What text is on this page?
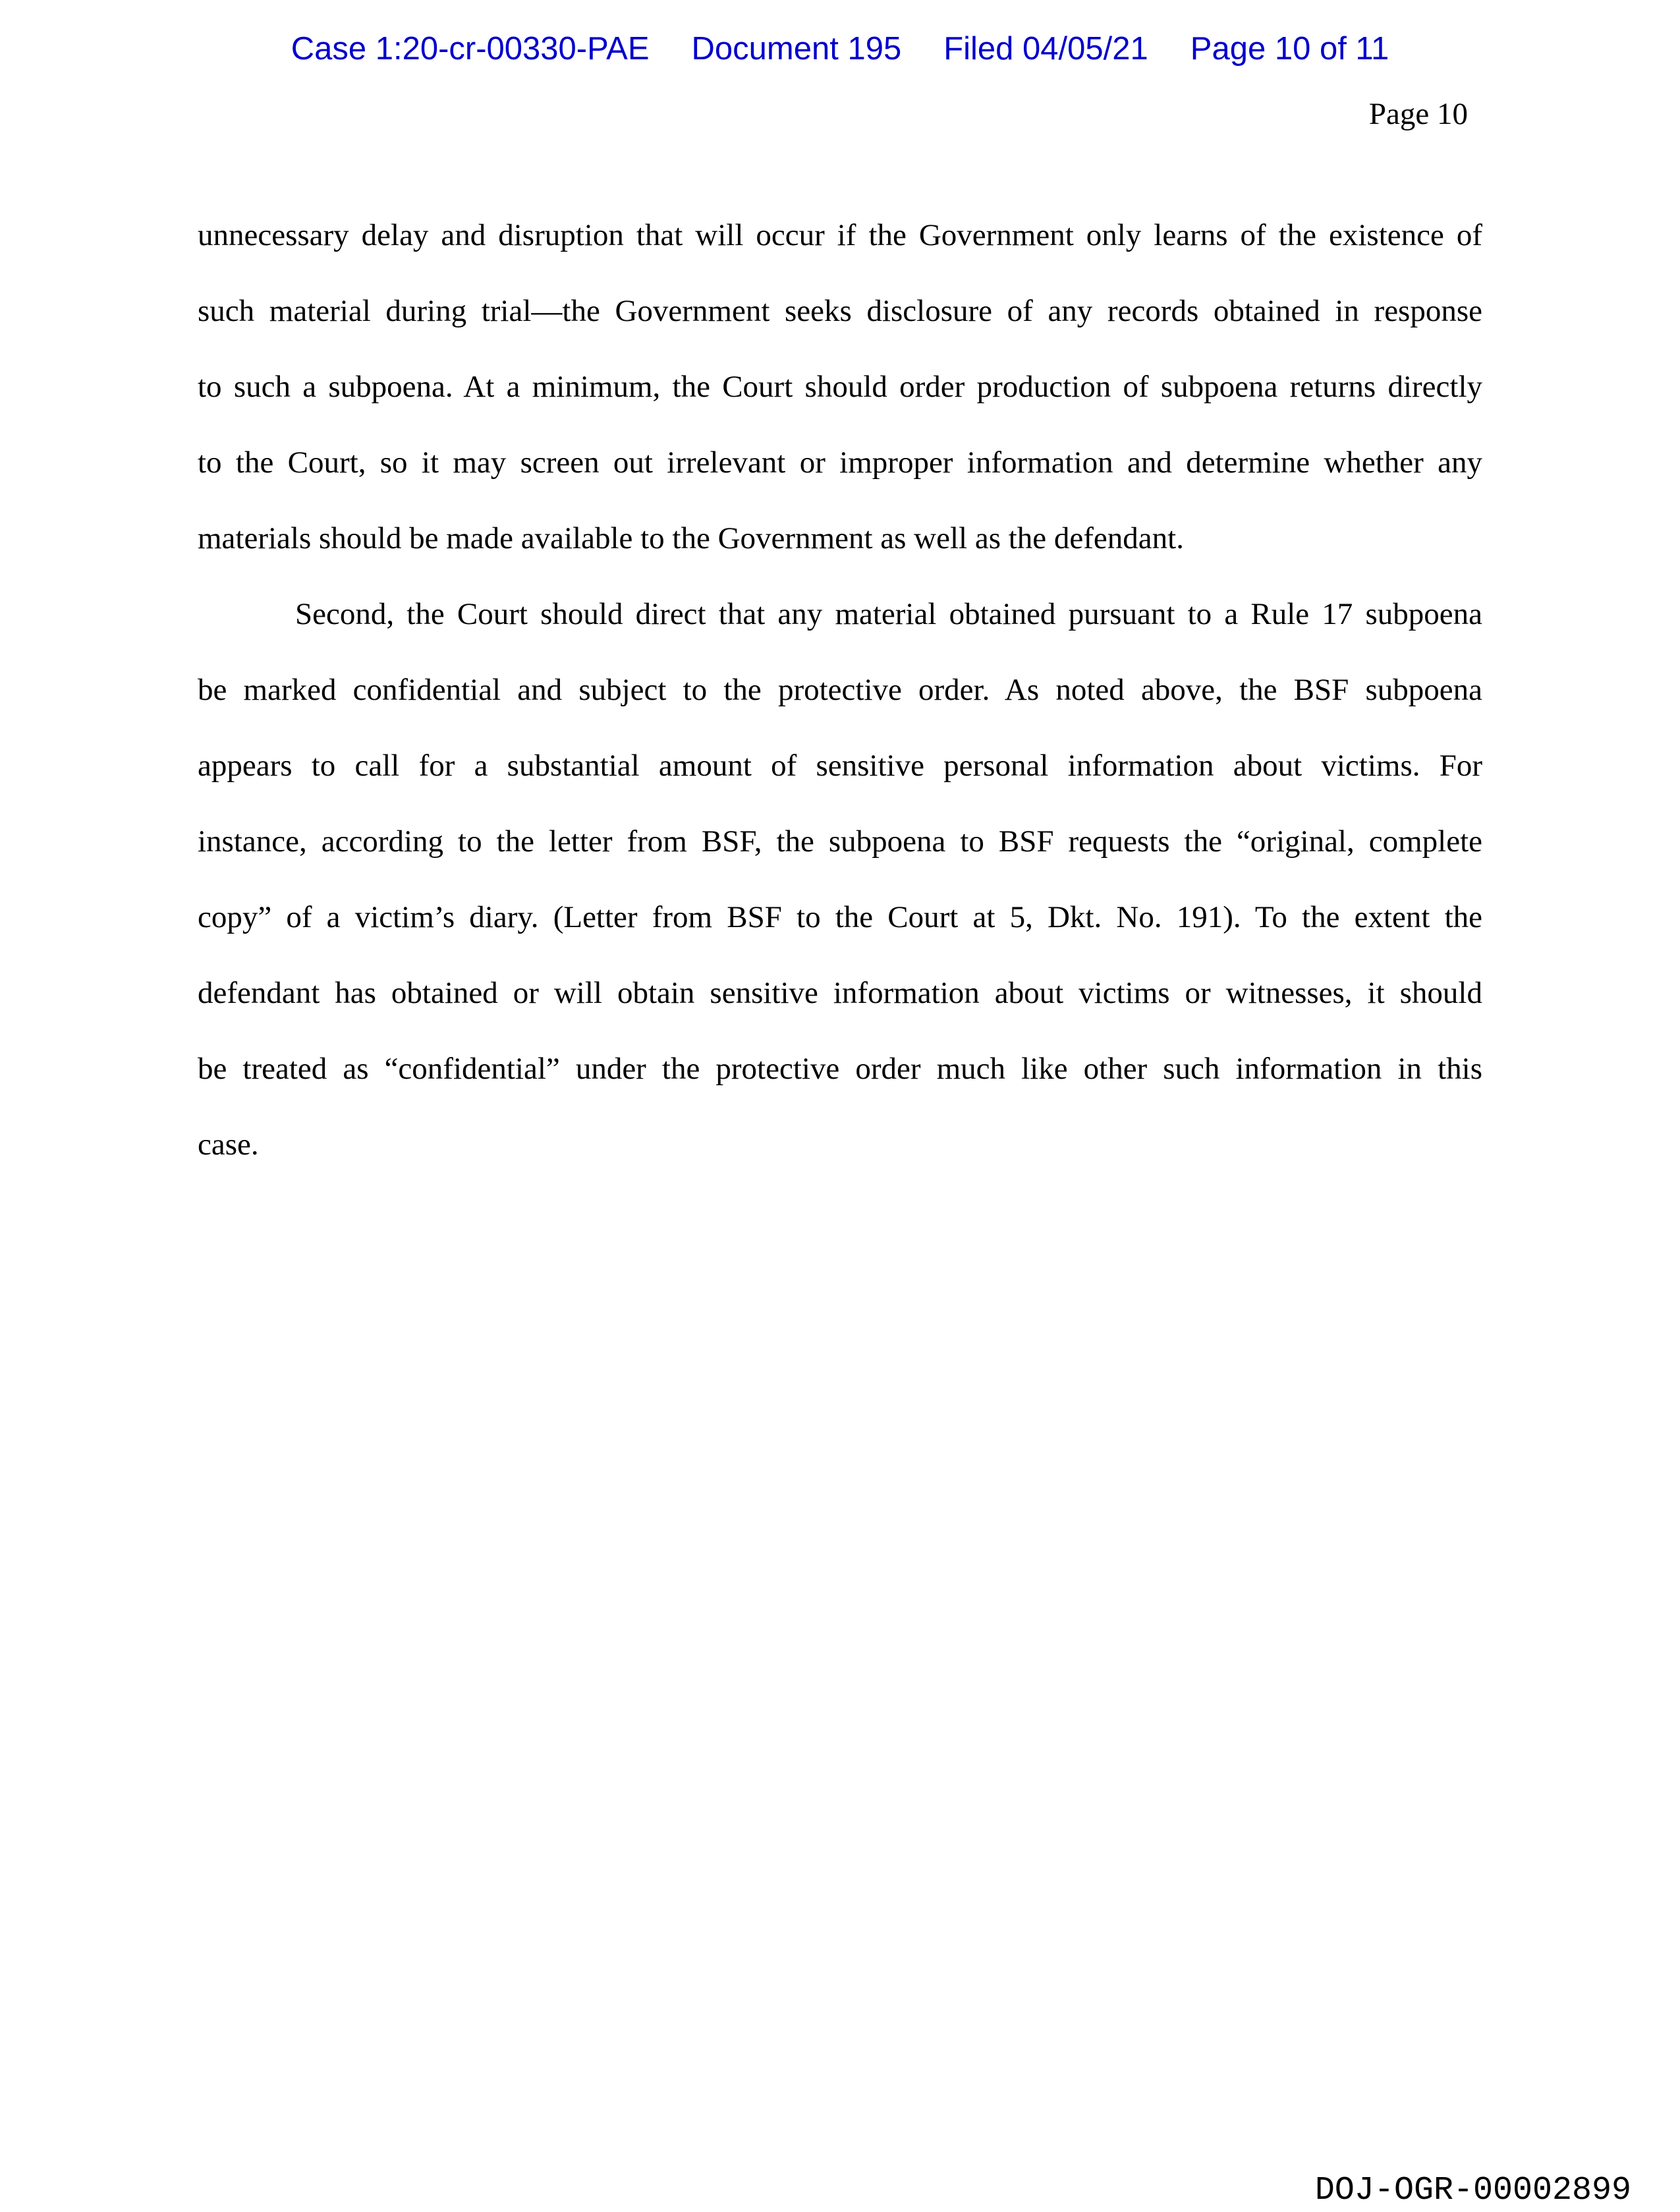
Case 1:20-cr-00330-PAE Document 195 Filed 04/05/21 Page 10 of 11
Page 10
unnecessary delay and disruption that will occur if the Government only learns of the existence of
such material during trial—the Government seeks disclosure of any records obtained in response
to such a subpoena. At a minimum, the Court should order production of subpoena returns directly
to the Court, so it may screen out irrelevant or improper information and determine whether any
materials should be made available to the Government as well as the defendant.
Second, the Court should direct that any material obtained pursuant to a Rule 17 subpoena
be marked confidential and subject to the protective order. As noted above, the BSF subpoena
appears to call for a substantial amount of sensitive personal information about victims. For
instance, according to the letter from BSF, the subpoena to BSF requests the “original, complete
copy” of a victim’s diary. (Letter from BSF to the Court at 5, Dkt. No. 191). To the extent the
defendant has obtained or will obtain sensitive information about victims or witnesses, it should
be treated as “confidential” under the protective order much like other such information in this
case.
DOJ-OGR-00002899
